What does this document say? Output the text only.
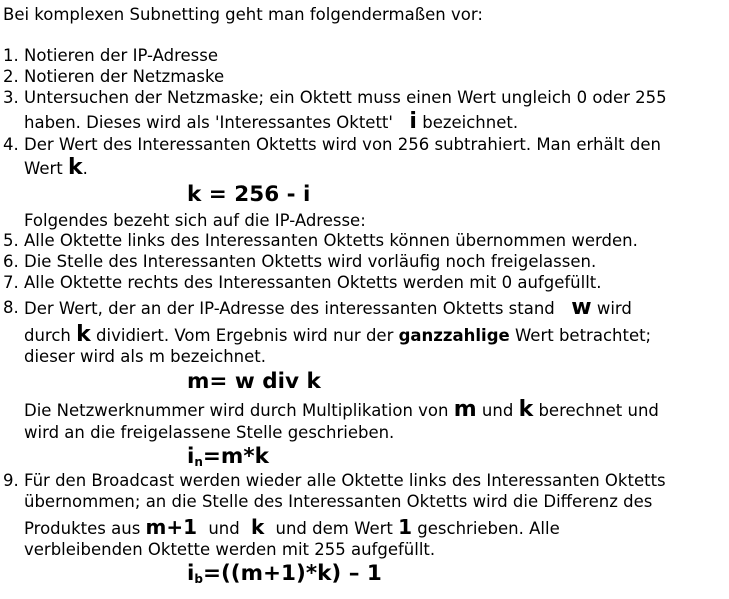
Bei komplexen Subnetting geht man folgendermaßen vor:
1. Notieren der IP-Adresse
2. Notieren der Netzmaske
3. Untersuchen der Netzmaske; ein Oktett muss einen Wert ungleich 0 oder 255
haben. Dieses wird als 'Interessantes Oktett' i bezeichnet.
4. Der Wert des Interessanten Oktetts wird von 256 subtrahiert. Man erhält den
Wert k.
k = 256 - i
Folgendes bezeht sich auf die IP-Adresse:
5. Alle Oktette links des Interessanten Oktetts können übernommen werden.
6. Die Stelle des Interessanten Oktetts wird vorläufig noch freigelassen.
7. Alle Oktette rechts des Interessanten Oktetts werden mit 0 aufgefüllt.
8. Der Wert, der an der IP-Adresse des interessanten Oktetts stand w wird
durch k dividiert. Vom Ergebnis wird nur der ganzzahlige Wert betrachtet;
dieser wird als m bezeichnet.
m= w div k
Die Netzwerknummer wird durch Multiplikation von m und k berechnet und
wird an die freigelassene Stelle geschrieben.
$i_n=m*k$
9. Für den Broadcast werden wieder alle Oktette links des Interessanten Oktetts
übernommen; an die Stelle des Interessanten Oktetts wird die Differenz des
Produktes aus m+1 und k und dem Wert 1 geschrieben. Alle
verbleibenden Oktette werden mit 255 aufgefüllt.
$i_b=((m+1)*k) - 1$
